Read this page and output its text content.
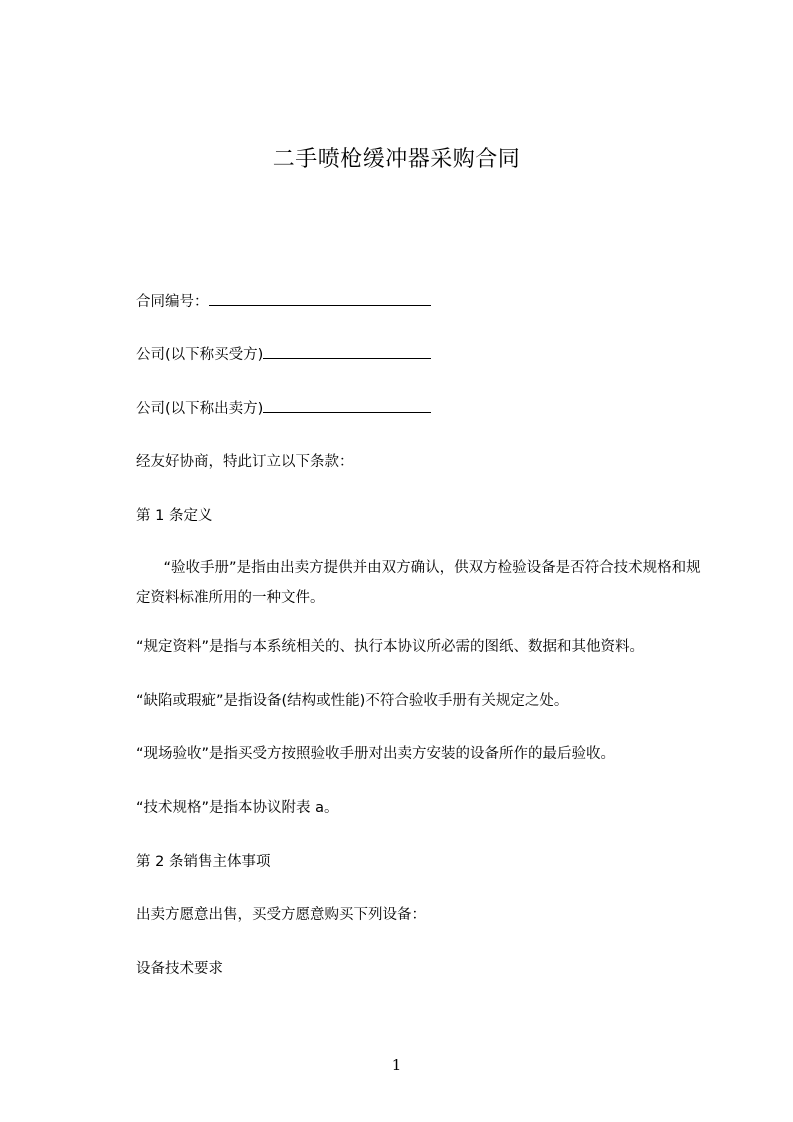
二手喷枪缓冲器采购合同
合同编号：
公司(以下称买受方)
公司(以下称出卖方)
经友好协商，特此订立以下条款：
第 1 条定义
“验收手册”是指由出卖方提供并由双方确认，供双方检验设备是否符合技术规格和规定资料标准所用的一种文件。
“规定资料”是指与本系统相关的、执行本协议所必需的图纸、数据和其他资料。
“缺陷或瑕疵”是指设备(结构或性能)不符合验收手册有关规定之处。
“现场验收”是指买受方按照验收手册对出卖方安装的设备所作的最后验收。
“技术规格”是指本协议附表 a。
第 2 条销售主体事项
出卖方愿意出售，买受方愿意购买下列设备：
设备技术要求
1
